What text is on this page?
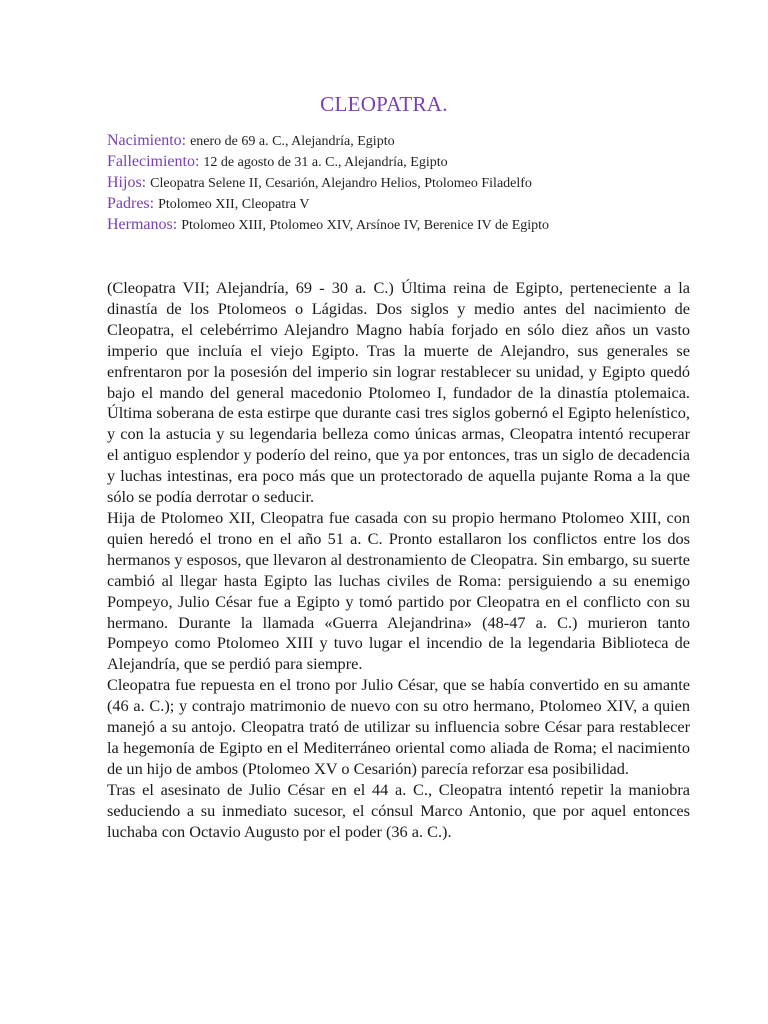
CLEOPATRA.
Nacimiento: enero de 69 a. C., Alejandría, Egipto
Fallecimiento: 12 de agosto de 31 a. C., Alejandría, Egipto
Hijos: Cleopatra Selene II, Cesarión, Alejandro Helios, Ptolomeo Filadelfo
Padres: Ptolomeo XII, Cleopatra V
Hermanos: Ptolomeo XIII, Ptolomeo XIV, Arsínoe IV, Berenice IV de Egipto

(Cleopatra VII; Alejandría, 69 - 30 a. C.) Última reina de Egipto, perteneciente a la dinastía de los Ptolomeos o Lágidas. Dos siglos y medio antes del nacimiento de Cleopatra, el celebérrimo Alejandro Magno había forjado en sólo diez años un vasto imperio que incluía el viejo Egipto. Tras la muerte de Alejandro, sus generales se enfrentaron por la posesión del imperio sin lograr restablecer su unidad, y Egipto quedó bajo el mando del general macedonio Ptolomeo I, fundador de la dinastía ptolemaica. Última soberana de esta estirpe que durante casi tres siglos gobernó el Egipto helenístico, y con la astucia y su legendaria belleza como únicas armas, Cleopatra intentó recuperar el antiguo esplendor y poderío del reino, que ya por entonces, tras un siglo de decadencia y luchas intestinas, era poco más que un protectorado de aquella pujante Roma a la que sólo se podía derrotar o seducir.

Hija de Ptolomeo XII, Cleopatra fue casada con su propio hermano Ptolomeo XIII, con quien heredó el trono en el año 51 a. C. Pronto estallaron los conflictos entre los dos hermanos y esposos, que llevaron al destronamiento de Cleopatra. Sin embargo, su suerte cambió al llegar hasta Egipto las luchas civiles de Roma: persiguiendo a su enemigo Pompeyo, Julio César fue a Egipto y tomó partido por Cleopatra en el conflicto con su hermano. Durante la llamada «Guerra Alejandrina» (48-47 a. C.) murieron tanto Pompeyo como Ptolomeo XIII y tuvo lugar el incendio de la legendaria Biblioteca de Alejandría, que se perdió para siempre.

Cleopatra fue repuesta en el trono por Julio César, que se había convertido en su amante (46 a. C.); y contrajo matrimonio de nuevo con su otro hermano, Ptolomeo XIV, a quien manejó a su antojo. Cleopatra trató de utilizar su influencia sobre César para restablecer la hegemonía de Egipto en el Mediterráneo oriental como aliada de Roma; el nacimiento de un hijo de ambos (Ptolomeo XV o Cesarión) parecía reforzar esa posibilidad.

Tras el asesinato de Julio César en el 44 a. C., Cleopatra intentó repetir la maniobra seduciendo a su inmediato sucesor, el cónsul Marco Antonio, que por aquel entonces luchaba con Octavio Augusto por el poder (36 a. C.).
